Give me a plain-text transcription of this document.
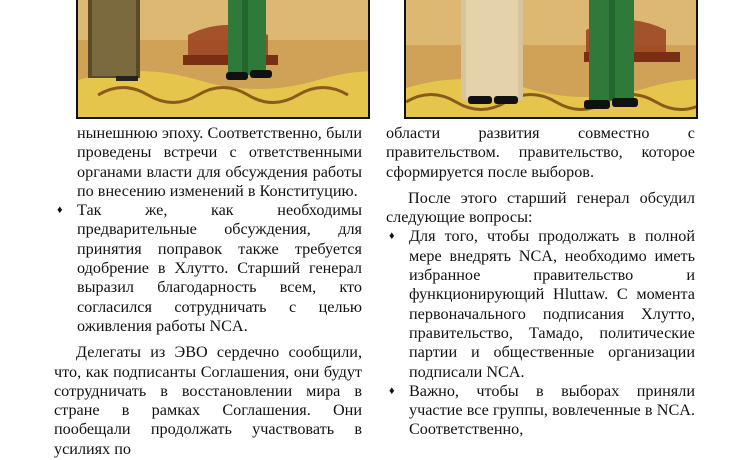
нынешнюю эпоху. Соответственно, были проведены встречи с ответственными органами власти для обсуждения работы по внесению изменений в Конституцию.

♦ Так же, как необходимы предварительные обсуждения, для принятия поправок также требуется одобрение в Хлутто. Старший генерал выразил благодарность всем, кто согласился сотрудничать с целью оживления работы NCA.

Делегаты из ЭВО сердечно сообщили, что, как подписанты Соглашения, они будут сотрудничать в восстановлении мира в стране в рамках Соглашения. Они пообещали продолжать участвовать в усилиях по

области развития совместно с правительством. правительство, которое сформируется после выборов.

После этого старший генерал обсудил следующие вопросы:

♦ Для того, чтобы продолжать в полной мере внедрять NCA, необходимо иметь избранное правительство и функционирующий Hluttaw. С момента первоначального подписания Хлутто, правительство, Тамадо, политические партии и общественные организации подписали NCA.
♦ Важно, чтобы в выборах приняли участие все группы, вовлеченные в NCA. Соответственно,
